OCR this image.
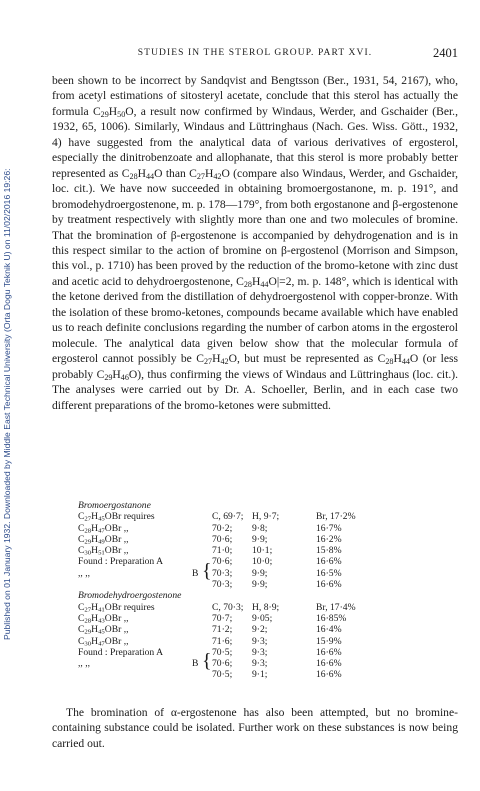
Published on 01 January 1932. Downloaded by Middle East Technical University (Orta Dogu Teknik U) on 11/02/2016 19:26:
STUDIES IN THE STEROL GROUP. PART XVI.	2401

been shown to be incorrect by Sandqvist and Bengtsson (Ber., 1931, 54, 2167), who, from acetyl estimations of sitosteryl acetate, conclude that this sterol has actually the formula $C_{29}H_{50}O$, a result now confirmed by Windaus, Werder, and Gschaider (Ber., 1932, 65, 1006). Similarly, Windaus and Lüttringhaus (Nach. Ges. Wiss. Gött., 1932, 4) have suggested from the analytical data of various derivatives of ergosterol, especially the dinitrobenzoate and allophanate, that this sterol is more probably better represented as $C_{28}H_{44}O$ than $C_{27}H_{42}O$ (compare also Windaus, Werder, and Gschaider, loc. cit.). We have now succeeded in obtaining bromoergostanone, m. p. 191°, and bromodehydroergostenone, m. p. 178—179°, from both ergostanone and β-ergostenone by treatment respectively with slightly more than one and two molecules of bromine. That the bromination of β-ergostenone is accompanied by dehydrogenation and is in this respect similar to the action of bromine on β-ergostenol (Morrison and Simpson, this vol., p. 1710) has been proved by the reduction of the bromo-ketone with zinc dust and acetic acid to dehydroergostenone, $C_{28}H_{44}O|=2$, m. p. 148°, which is identical with the ketone derived from the distillation of dehydroergostenol with copper-bronze. With the isolation of these bromo-ketones, compounds became available which have enabled us to reach definite conclusions regarding the number of carbon atoms in the ergosterol molecule. The analytical data given below show that the molecular formula of ergosterol cannot possibly be $C_{27}H_{42}O$, but must be represented as $C_{28}H_{44}O$ (or less probably $C_{29}H_{46}O$), thus confirming the views of Windaus and Lüttringhaus (loc. cit.). The analyses were carried out by Dr. A. Schoeller, Berlin, and in each case two different preparations of the bromo-ketones were submitted.

Bromoergostanone
$C_{27}H_{45}OBr$ requires	C, 69·7; H, 9·7;	Br, 17·2%
$C_{28}H_{47}OBr$ ,,	70·2; 9·8;	16·7%
$C_{29}H_{49}OBr$ ,,	70·6; 9·9;	16·2%
$C_{30}H_{51}OBr$ ,,	71·0; 10·1;	15·8%
Found : Preparation A	70·6; 10·0;	16·6%
,, ,,	B { 70·3; 9·9;	16·5%
70·3; 9·9;	16·6%
Bromodehydroergostenone
$C_{27}H_{41}OBr$ requires	C, 70·3; H, 8·9;	Br, 17·4%
$C_{28}H_{43}OBr$ ,,	70·7; 9·05;	16·85%
$C_{29}H_{45}OBr$ ,,	71·2; 9·2;	16·4%
$C_{30}H_{47}OBr$ ,,	71·6; 9·3;	15·9%
Found : Preparation A	70·5; 9·3;	16·6%
,, ,,	B { 70·6; 9·3;	16·6%
70·5; 9·1;	16·6%

The bromination of α-ergostenone has also been attempted, but no bromine-containing substance could be isolated. Further work on these substances is now being carried out.
